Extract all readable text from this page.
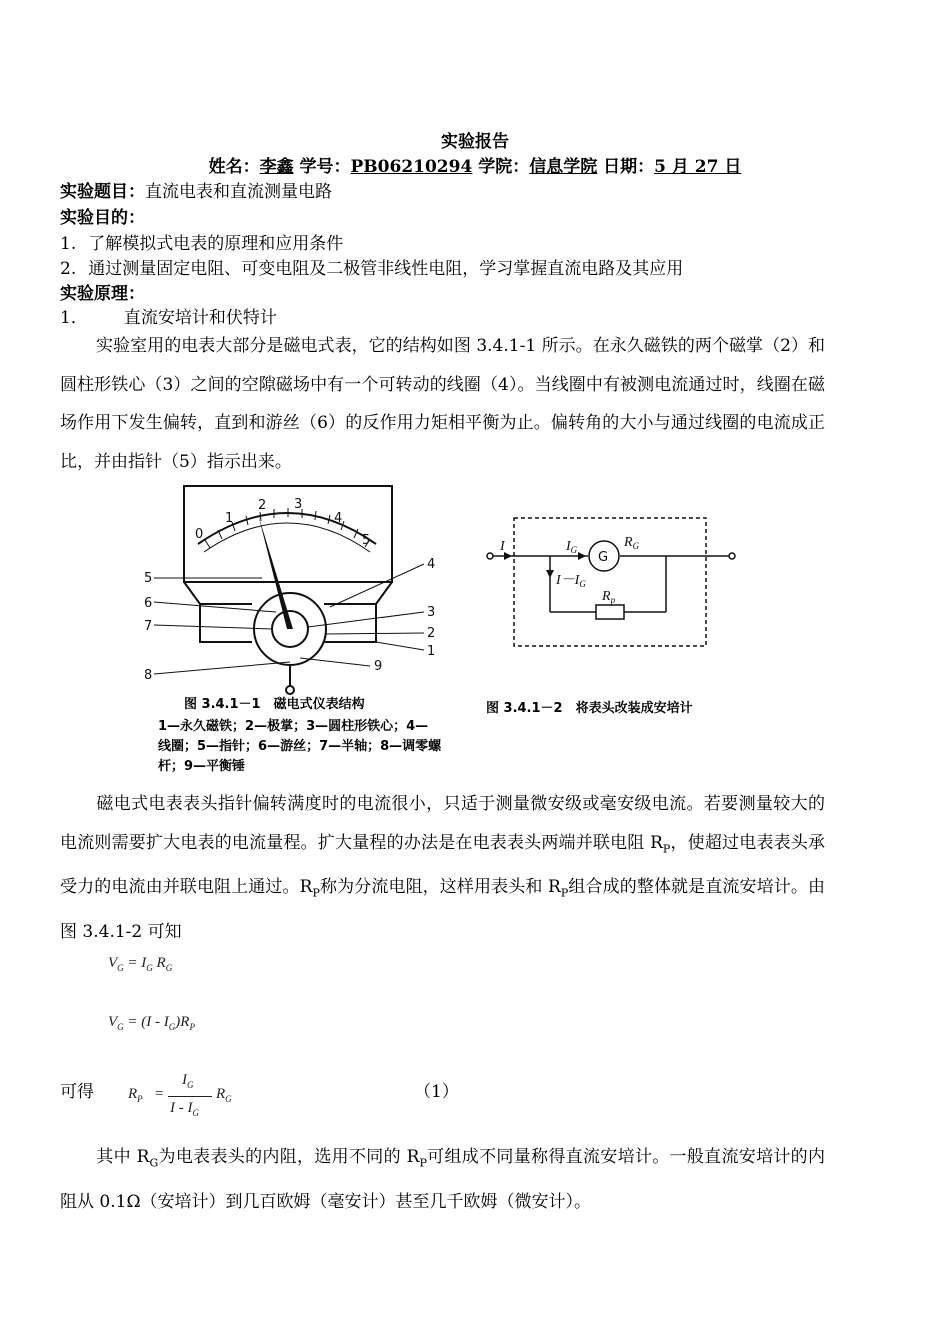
实验报告
姓名：李鑫 学号：PB06210294 学院：信息学院 日期：5 月 27 日
实验题目：直流电表和直流测量电路
实验目的：
1. 了解模拟式电表的原理和应用条件
2. 通过测量固定电阻、可变电阻及二极管非线性电阻，学习掌握直流电路及其应用
实验原理：
1． 直流安培计和伏特计
实验室用的电表大部分是磁电式表，它的结构如图 3.4.1-1 所示。在永久磁铁的两个磁掌（2）和圆柱形铁心（3）之间的空隙磁场中有一个可转动的线圈（4）。当线圈中有被测电流通过时，线圈在磁场作用下发生偏转，直到和游丝（6）的反作用力矩相平衡为止。偏转角的大小与通过线圈的电流成正比，并由指针（5）指示出来。
0
1
2 3
4
5
5
6
7
8
4
3
2
1
9
图 3.4.1－1　磁电式仪表结构
1—永久磁铁；2—极掌；3—圆柱形铁心；4—
线圈；5—指针；6—游丝；7—半轴；8—调零螺
杆；9—平衡锤
I	$I_G$	$R_G$
$I-I_G$
$R_p$
G
图 3.4.1－2　将表头改装成安培计
磁电式电表表头指针偏转满度时的电流很小，只适于测量微安级或毫安级电流。若要测量较大的电流则需要扩大电表的电流量程。扩大量程的办法是在电表表头两端并联电阻 $R_P$，使超过电表表头承受力的电流由并联电阻上通过。$R_P$称为分流电阻，这样用表头和 $R_P$组合成的整体就是直流安培计。由图 3.4.1-2 可知
$V_G = I_G$ $R_G$
$V_G = (I - I_G)R_P$
可得 $R_P$ =
$I_G$
I - $I_G$
$R_G$	（1）
其中 $R_G$为电表表头的内阻，选用不同的 $R_P$可组成不同量称得直流安培计。一般直流安培计的内阻从 0.1Ω（安培计）到几百欧姆（毫安计）甚至几千欧姆（微安计）。
